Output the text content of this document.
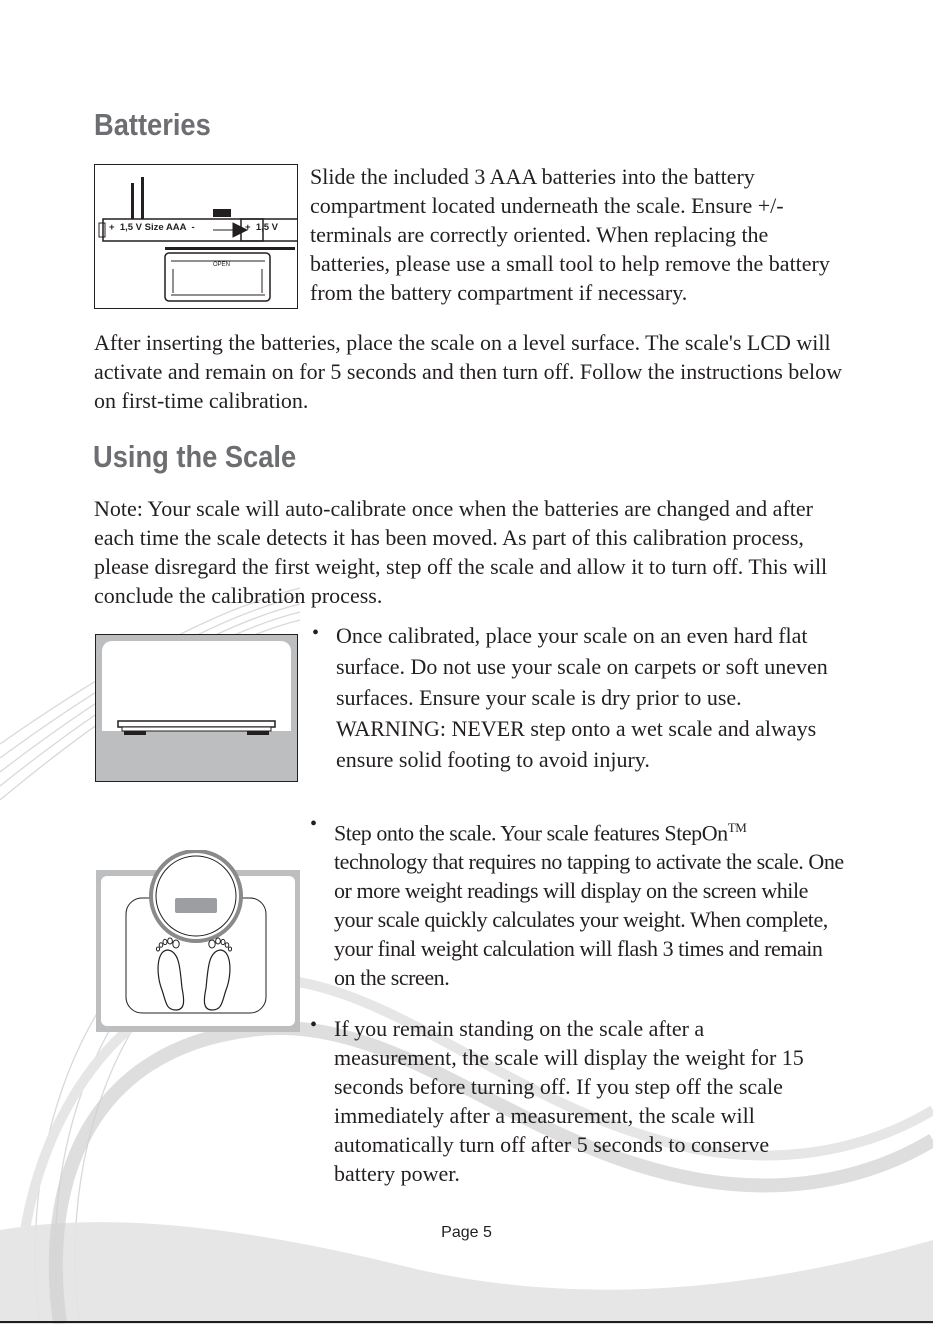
Batteries
+  1,5 V Size AAA  -	+  1,5 V
OPEN

Slide the included 3 AAA batteries into the battery compartment located underneath the scale. Ensure +/- terminals are correctly oriented. When replacing the batteries, please use a small tool to help remove the battery from the battery compartment if necessary.

After inserting the batteries, place the scale on a level surface. The scale's LCD will activate and remain on for 5 seconds and then turn off. Follow the instructions below on first-time calibration.

Using the Scale

Note: Your scale will auto-calibrate once when the batteries are changed and after each time the scale detects it has been moved. As part of this calibration process, please disregard the first weight, step off the scale and allow it to turn off. This will conclude the calibration process.

• Once calibrated, place your scale on an even hard flat surface. Do not use your scale on carpets or soft uneven surfaces. Ensure your scale is dry prior to use. WARNING: NEVER step onto a wet scale and always ensure solid footing to avoid injury.
• Step onto the scale. Your scale features StepOn™ technology that requires no tapping to activate the scale. One or more weight readings will display on the screen while your scale quickly calculates your weight. When complete, your final weight calculation will flash 3 times and remain on the screen.
• If you remain standing on the scale after a measurement, the scale will display the weight for 15 seconds before turning off. If you step off the scale immediately after a measurement, the scale will automatically turn off after 5 seconds to conserve battery power.
Page 5
